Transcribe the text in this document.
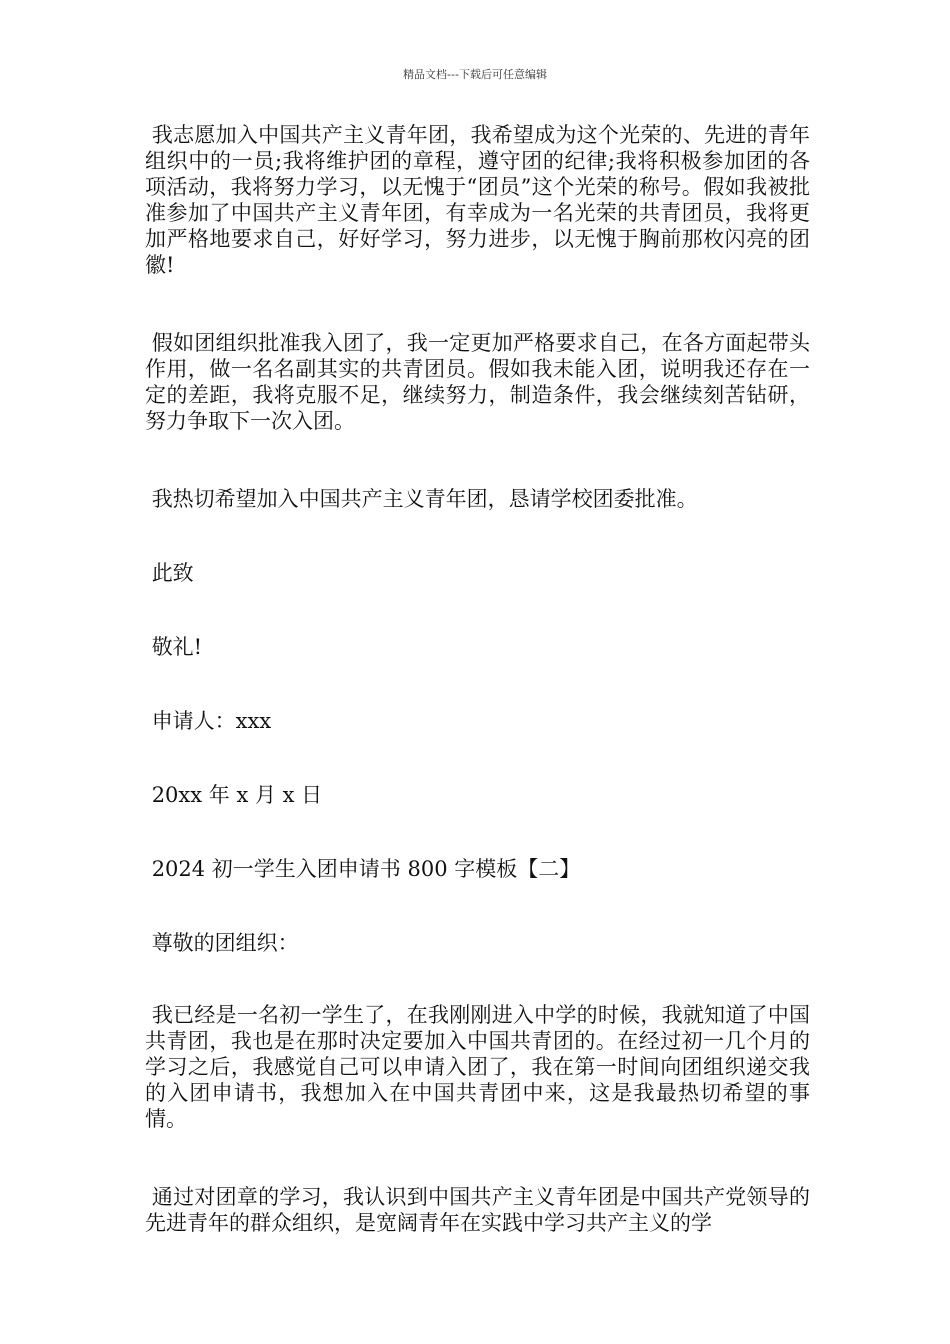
精品文档---下载后可任意编辑

我志愿加入中国共产主义青年团，我希望成为这个光荣的、先进的青年组织中的一员;我将维护团的章程，遵守团的纪律;我将积极参加团的各项活动，我将努力学习，以无愧于“团员”这个光荣的称号。假如我被批准参加了中国共产主义青年团，有幸成为一名光荣的共青团员，我将更加严格地要求自己，好好学习，努力进步，以无愧于胸前那枚闪亮的团徽!

假如团组织批准我入团了，我一定更加严格要求自己，在各方面起带头作用，做一名名副其实的共青团员。假如我未能入团，说明我还存在一定的差距，我将克服不足，继续努力，制造条件，我会继续刻苦钻研，努力争取下一次入团。

我热切希望加入中国共产主义青年团，恳请学校团委批准。

此致

敬礼!

申请人：xxx

20xx 年 x 月 x 日

2024 初一学生入团申请书 800 字模板【二】

尊敬的团组织：

我已经是一名初一学生了，在我刚刚进入中学的时候，我就知道了中国共青团，我也是在那时决定要加入中国共青团的。在经过初一几个月的学习之后，我感觉自己可以申请入团了，我在第一时间向团组织递交我的入团申请书，我想加入在中国共青团中来，这是我最热切希望的事情。

通过对团章的学习，我认识到中国共产主义青年团是中国共产党领导的先进青年的群众组织，是宽阔青年在实践中学习共产主义的学
